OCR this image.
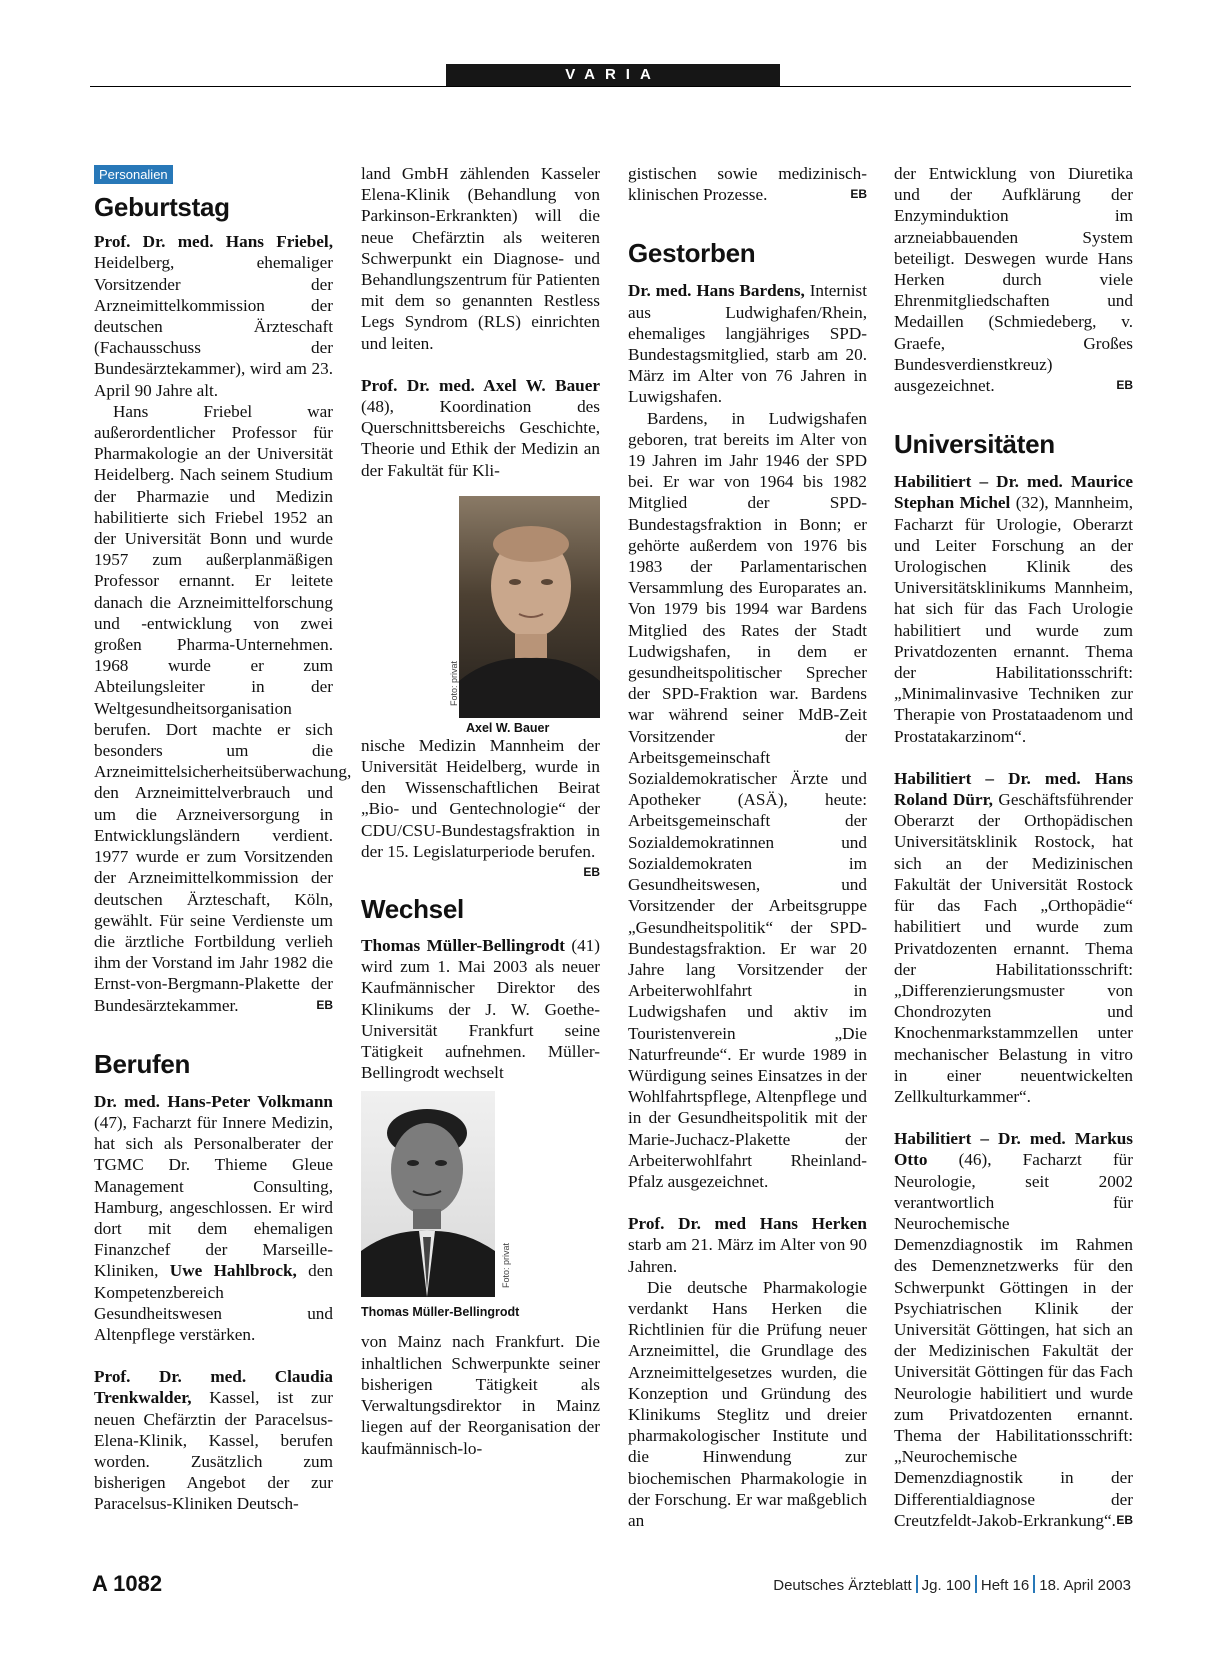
VARIA
Personalien
Geburtstag

Prof. Dr. med. Hans Friebel, Heidelberg, ehemaliger Vorsitzender der Arzneimittelkommission der deutschen Ärzteschaft (Fachausschuss der Bundesärztekammer), wird am 23. April 90 Jahre alt.

Hans Friebel war außerordentlicher Professor für Pharmakologie an der Universität Heidelberg. Nach seinem Studium der Pharmazie und Medizin habilitierte sich Friebel 1952 an der Universität Bonn und wurde 1957 zum außerplanmäßigen Professor ernannt. Er leitete danach die Arzneimittelforschung und -entwicklung von zwei großen Pharma-Unternehmen. 1968 wurde er zum Abteilungsleiter in der Weltgesundheitsorganisation berufen. Dort machte er sich besonders um die Arzneimittelsicherheitsüberwachung, den Arzneimittelverbrauch und um die Arzneiversorgung in Entwicklungsländern verdient. 1977 wurde er zum Vorsitzenden der Arzneimittelkommission der deutschen Ärzteschaft, Köln, gewählt. Für seine Verdienste um die ärztliche Fortbildung verlieh ihm der Vorstand im Jahr 1982 die Ernst-von-Bergmann-Plakette der Bundesärztekammer.	EB

Berufen

Dr. med. Hans-Peter Volkmann (47), Facharzt für Innere Medizin, hat sich als Personalberater der TGMC Dr. Thieme Gleue Management Consulting, Hamburg, angeschlossen. Er wird dort mit dem ehemaligen Finanzchef der Marseille-Kliniken, Uwe Hahlbrock, den Kompetenzbereich Gesundheitswesen und Altenpflege verstärken.

Prof. Dr. med. Claudia Trenkwalder, Kassel, ist zur neuen Chefärztin der Paracelsus-Elena-Klinik, Kassel, berufen worden. Zusätzlich zum bisherigen Angebot der zur Paracelsus-Kliniken Deutsch-

land GmbH zählenden Kasseler Elena-Klinik (Behandlung von Parkinson-Erkrankten) will die neue Chefärztin als weiteren Schwerpunkt ein Diagnose- und Behandlungszentrum für Patienten mit dem so genannten Restless Legs Syndrom (RLS) einrichten und leiten.

Prof. Dr. med. Axel W. Bauer (48), Koordination des Querschnittsbereichs Geschichte, Theorie und Ethik der Medizin an der Fakultät für Kli-

Foto: privat
Axel W. Bauer

nische Medizin Mannheim der Universität Heidelberg, wurde in den Wissenschaftlichen Beirat „Bio- und Gentechnologie“ der CDU/CSU-Bundestagsfraktion in der 15. Legislaturperiode berufen.
EB

Wechsel

Thomas Müller-Bellingrodt (41) wird zum 1. Mai 2003 als neuer Kaufmännischer Direktor des Klinikums der J. W. Goethe-Universität Frankfurt seine Tätigkeit aufnehmen. Müller-Bellingrodt wechselt

Foto: privat
Thomas Müller-Bellingrodt

von Mainz nach Frankfurt. Die inhaltlichen Schwerpunkte seiner bisherigen Tätigkeit als Verwaltungsdirektor in Mainz liegen auf der Reorganisation der kaufmännisch-lo-

gistischen sowie medizinisch-klinischen Prozesse.	EB

Gestorben

Dr. med. Hans Bardens, Internist aus Ludwighafen/Rhein, ehemaliges langjähriges SPD-Bundestagsmitglied, starb am 20. März im Alter von 76 Jahren in Luwigshafen.

Bardens, in Ludwigshafen geboren, trat bereits im Alter von 19 Jahren im Jahr 1946 der SPD bei. Er war von 1964 bis 1982 Mitglied der SPD-Bundestagsfraktion in Bonn; er gehörte außerdem von 1976 bis 1983 der Parlamentarischen Versammlung des Europarates an. Von 1979 bis 1994 war Bardens Mitglied des Rates der Stadt Ludwigshafen, in dem er gesundheitspolitischer Sprecher der SPD-Fraktion war. Bardens war während seiner MdB-Zeit Vorsitzender der Arbeitsgemeinschaft Sozialdemokratischer Ärzte und Apotheker (ASÄ), heute: Arbeitsgemeinschaft der Sozialdemokratinnen und Sozialdemokraten im Gesundheitswesen, und Vorsitzender der Arbeitsgruppe „Gesundheitspolitik“ der SPD-Bundestagsfraktion. Er war 20 Jahre lang Vorsitzender der Arbeiterwohlfahrt in Ludwigshafen und aktiv im Touristenverein „Die Naturfreunde“. Er wurde 1989 in Würdigung seines Einsatzes in der Wohlfahrtspflege, Altenpflege und in der Gesundheitspolitik mit der Marie-Juchacz-Plakette der Arbeiterwohlfahrt Rheinland-Pfalz ausgezeichnet.

Prof. Dr. med Hans Herken starb am 21. März im Alter von 90 Jahren.

Die deutsche Pharmakologie verdankt Hans Herken die Richtlinien für die Prüfung neuer Arzneimittel, die Grundlage des Arzneimittelgesetzes wurden, die Konzeption und Gründung des Klinikums Steglitz und dreier pharmakologischer Institute und die Hinwendung zur biochemischen Pharmakologie in der Forschung. Er war maßgeblich an

der Entwicklung von Diuretika und der Aufklärung der Enzyminduktion im arzneiabbauenden System beteiligt. Deswegen wurde Hans Herken durch viele Ehrenmitgliedschaften und Medaillen (Schmiedeberg, v. Graefe, Großes Bundesverdienstkreuz) ausgezeichnet.	EB

Universitäten

Habilitiert – Dr. med. Maurice Stephan Michel (32), Mannheim, Facharzt für Urologie, Oberarzt und Leiter Forschung an der Urologischen Klinik des Universitätsklinikums Mannheim, hat sich für das Fach Urologie habilitiert und wurde zum Privatdozenten ernannt. Thema der Habilitationsschrift: „Minimalinvasive Techniken zur Therapie von Prostataadenom und Prostatakarzinom“.

Habilitiert – Dr. med. Hans Roland Dürr, Geschäftsführender Oberarzt der Orthopädischen Universitätsklinik Rostock, hat sich an der Medizinischen Fakultät der Universität Rostock für das Fach „Orthopädie“ habilitiert und wurde zum Privatdozenten ernannt. Thema der Habilitationsschrift: „Differenzierungsmuster von Chondrozyten und Knochenmarkstammzellen unter mechanischer Belastung in vitro in einer neuentwickelten Zellkulturkammer“.

Habilitiert – Dr. med. Markus Otto (46), Facharzt für Neurologie, seit 2002 verantwortlich für Neurochemische Demenzdiagnostik im Rahmen des Demenznetzwerks für den Schwerpunkt Göttingen in der Psychiatrischen Klinik der Universität Göttingen, hat sich an der Medizinischen Fakultät der Universität Göttingen für das Fach Neurologie habilitiert und wurde zum Privatdozenten ernannt. Thema der Habilitationsschrift: „Neurochemische Demenzdiagnostik in der Differentialdiagnose der Creutzfeldt-Jakob-Erkrankung“. EB

A 1082	Deutsches Ärzteblatt Jg. 100 Heft 16 18. April 2003
